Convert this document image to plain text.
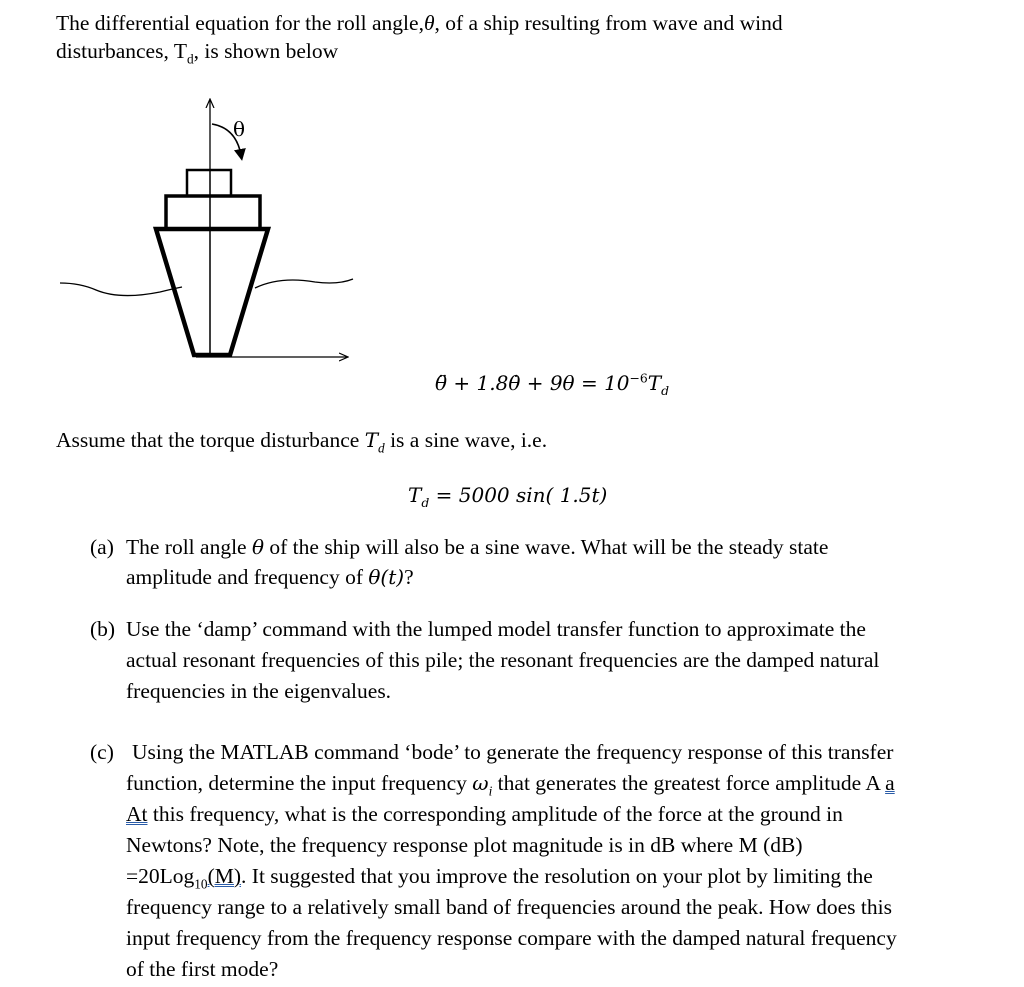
The differential equation for the roll angle,θ, of a ship resulting from wave and wind
disturbances, $T_d$, is shown below
θ
θ̈ + 1.8θ̇ + $9\theta = 10^{-6}T_d$
Assume that the torque disturbance $T_d$ is a sine wave, i.e.
$T_d = 5000$ sin( 1.5t)
(a) The roll angle θ of the ship will also be a sine wave. What will be the steady state
amplitude and frequency of θ(t)?
(b) Use the ‘damp’ command with the lumped model transfer function to approximate the
actual resonant frequencies of this pile; the resonant frequencies are the damped natural
frequencies in the eigenvalues.
(c) Using the MATLAB command ‘bode’ to generate the frequency response of this transfer
function, determine the input frequency $\omega_i$ that generates the greatest force amplitude A a
At this frequency, what is the corresponding amplitude of the force at the ground in
Newtons? Note, the frequency response plot magnitude is in dB where M (dB)
=20Log$_{10}$(M). It suggested that you improve the resolution on your plot by limiting the
frequency range to a relatively small band of frequencies around the peak. How does this
input frequency from the frequency response compare with the damped natural frequency
of the first mode?
